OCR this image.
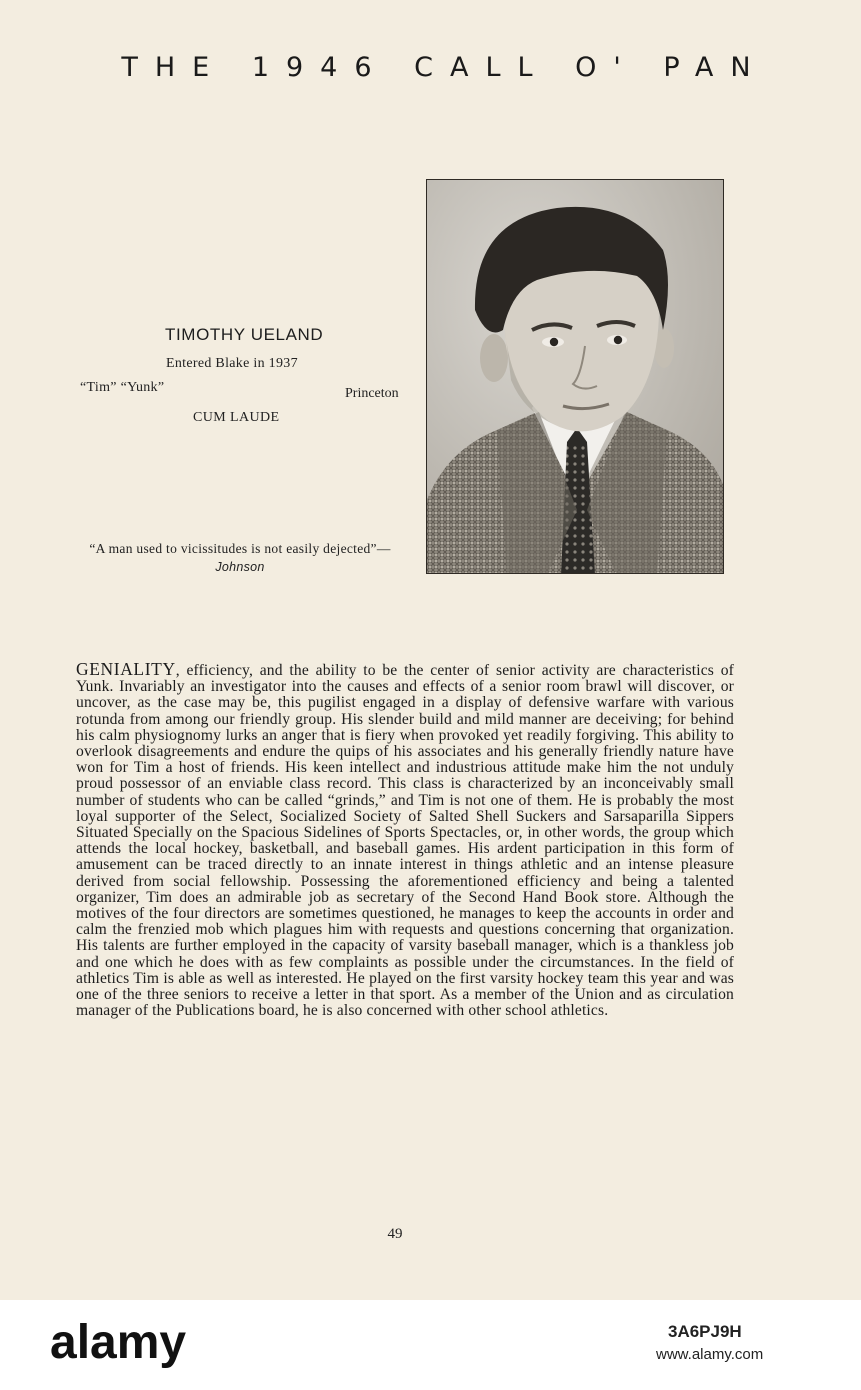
THE 1946 CALL O' PAN
TIMOTHY UELAND
Entered Blake in 1937
“Tim” “Yunk”	Princeton
CUM LAUDE
“A man used to vicissitudes is not easily dejected”—Johnson

GENIALITY, efficiency, and the ability to be the center of senior activity are characteristics of Yunk. Invariably an investigator into the causes and effects of a senior room brawl will discover, or uncover, as the case may be, this pugilist engaged in a display of defensive warfare with various rotunda from among our friendly group. His slender build and mild manner are deceiving; for behind his calm physiognomy lurks an anger that is fiery when provoked yet readily forgiving. This ability to overlook disagreements and endure the quips of his associates and his generally friendly nature have won for Tim a host of friends. His keen intellect and industrious attitude make him the not unduly proud possessor of an enviable class record. This class is characterized by an inconceivably small number of students who can be called “grinds,” and Tim is not one of them. He is probably the most loyal supporter of the Select, Socialized Society of Salted Shell Suckers and Sarsaparilla Sippers Situated Specially on the Spacious Sidelines of Sports Spectacles, or, in other words, the group which attends the local hockey, basketball, and baseball games. His ardent participation in this form of amusement can be traced directly to an innate interest in things athletic and an intense pleasure derived from social fellowship. Possessing the aforementioned efficiency and being a talented organizer, Tim does an admirable job as secretary of the Second Hand Book store. Although the motives of the four directors are sometimes questioned, he manages to keep the accounts in order and calm the frenzied mob which plagues him with requests and questions concerning that organization. His talents are further employed in the capacity of varsity baseball manager, which is a thankless job and one which he does with as few complaints as possible under the circumstances. In the field of athletics Tim is able as well as interested. He played on the first varsity hockey team this year and was one of the three seniors to receive a letter in that sport. As a member of the Union and as circulation manager of the Publications board, he is also concerned with other school athletics.

49
alamy	3A6PJ9H
www.alamy.com
